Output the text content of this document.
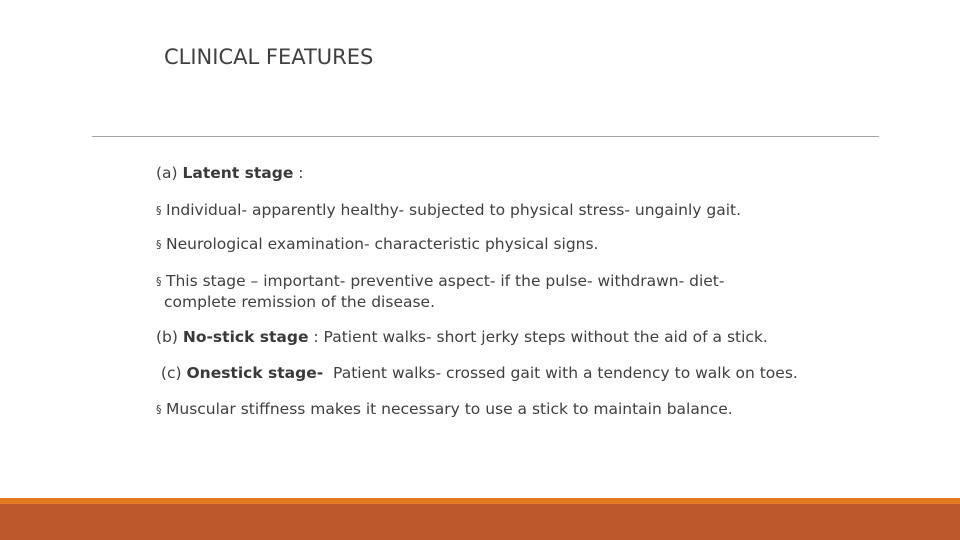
CLINICAL FEATURES
(a) Latent stage :
§ Individual- apparently healthy- subjected to physical stress- ungainly gait.
§ Neurological examination- characteristic physical signs.
§ This stage – important- preventive aspect- if the pulse- withdrawn- diet-
complete remission of the disease.
(b) No-stick stage : Patient walks- short jerky steps without the aid of a stick.
(c) Onestick stage-  Patient walks- crossed gait with a tendency to walk on toes.
§ Muscular stiffness makes it necessary to use a stick to maintain balance.
